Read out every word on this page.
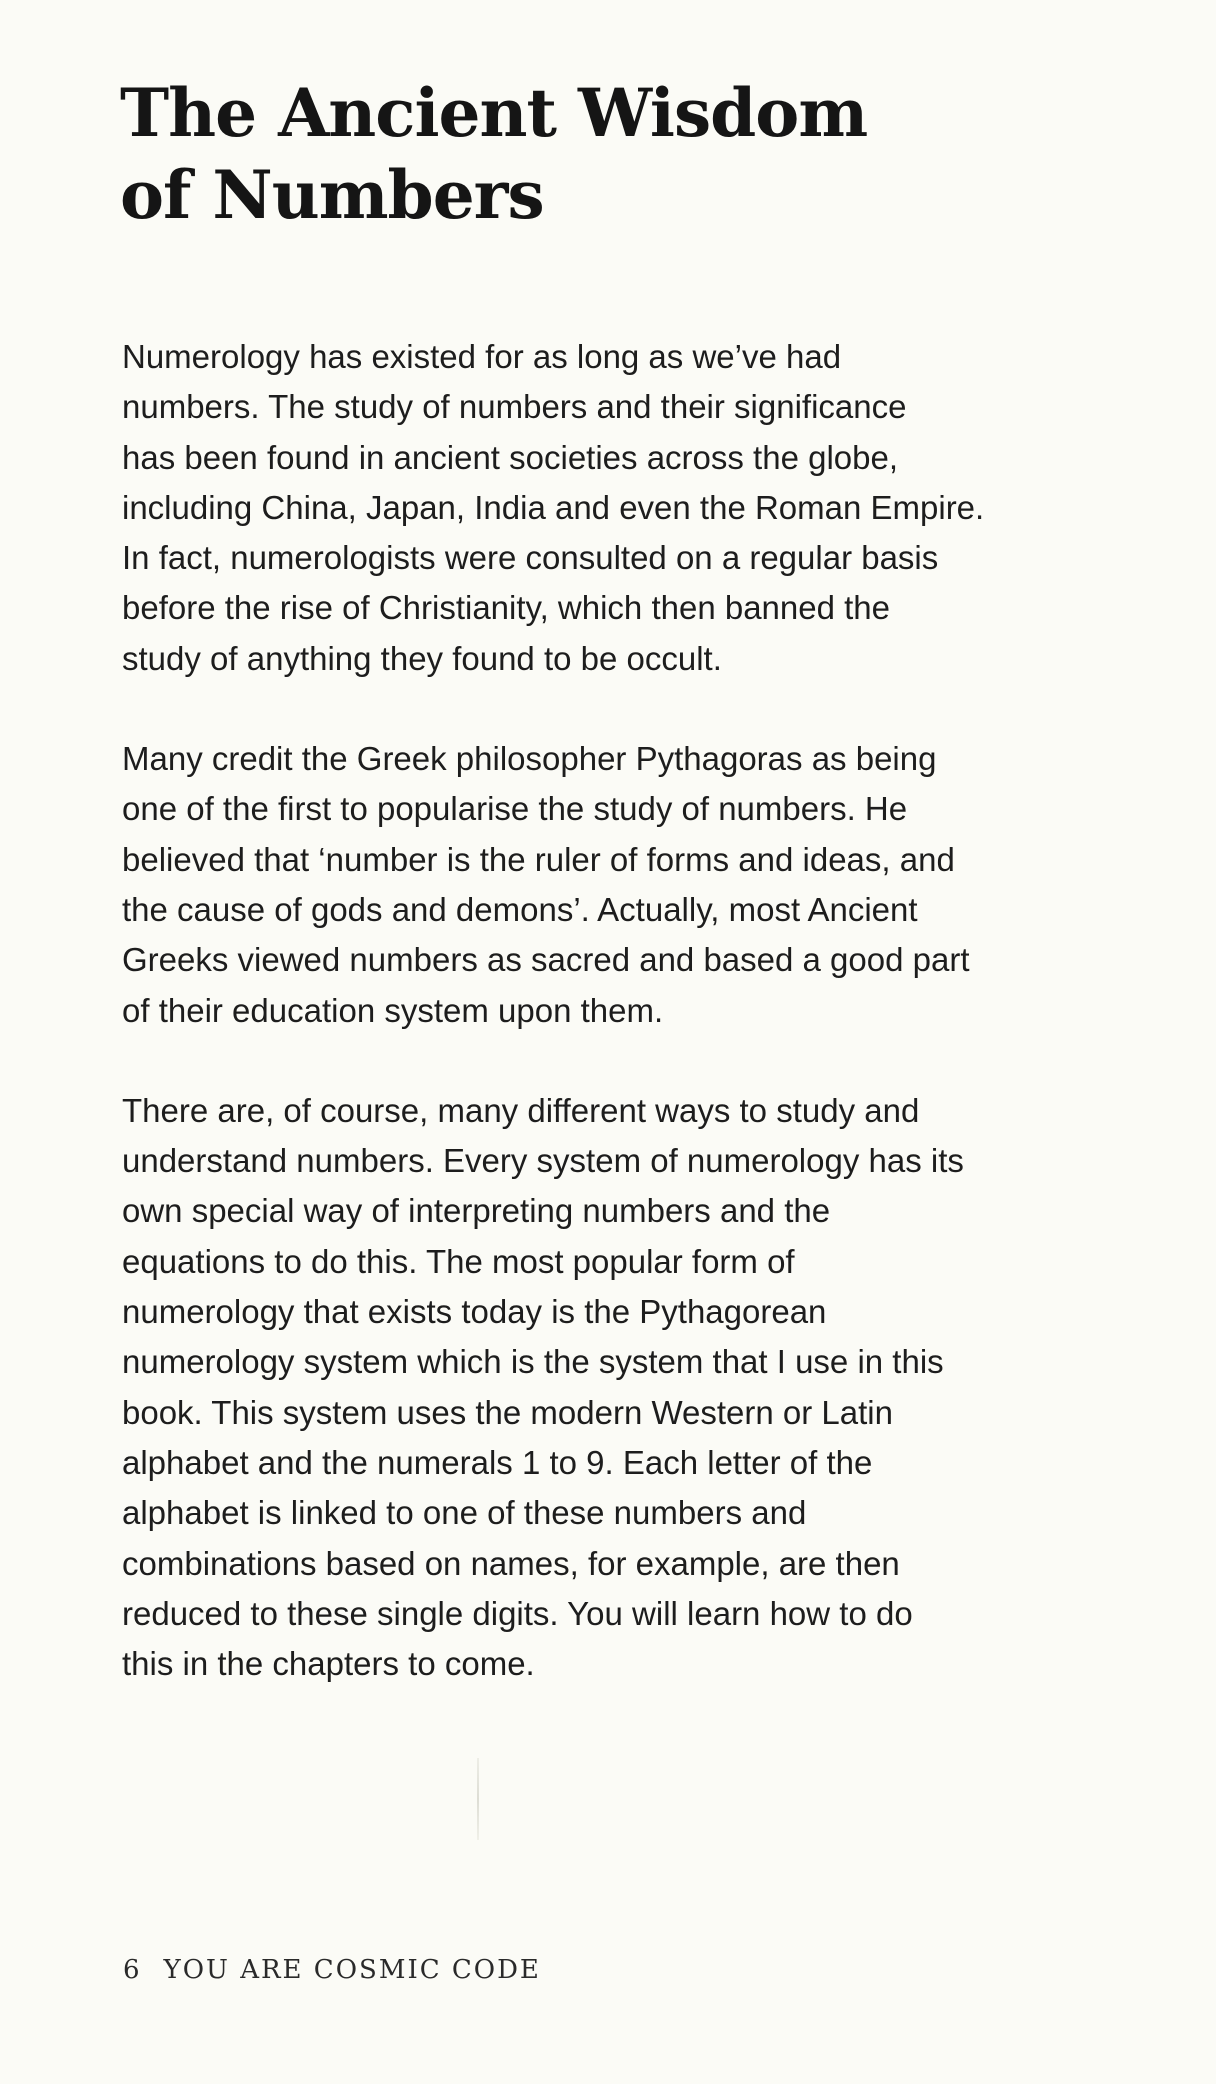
The Ancient Wisdom
of Numbers

Numerology has existed for as long as we’ve had
numbers. The study of numbers and their significance
has been found in ancient societies across the globe,
including China, Japan, India and even the Roman Empire.
In fact, numerologists were consulted on a regular basis
before the rise of Christianity, which then banned the
study of anything they found to be occult.

Many credit the Greek philosopher Pythagoras as being
one of the first to popularise the study of numbers. He
believed that ‘number is the ruler of forms and ideas, and
the cause of gods and demons’. Actually, most Ancient
Greeks viewed numbers as sacred and based a good part
of their education system upon them.

There are, of course, many different ways to study and
understand numbers. Every system of numerology has its
own special way of interpreting numbers and the
equations to do this. The most popular form of
numerology that exists today is the Pythagorean
numerology system which is the system that I use in this
book. This system uses the modern Western or Latin
alphabet and the numerals 1 to 9. Each letter of the
alphabet is linked to one of these numbers and
combinations based on names, for example, are then
reduced to these single digits. You will learn how to do
this in the chapters to come.

6 YOU ARE COSMIC CODE
